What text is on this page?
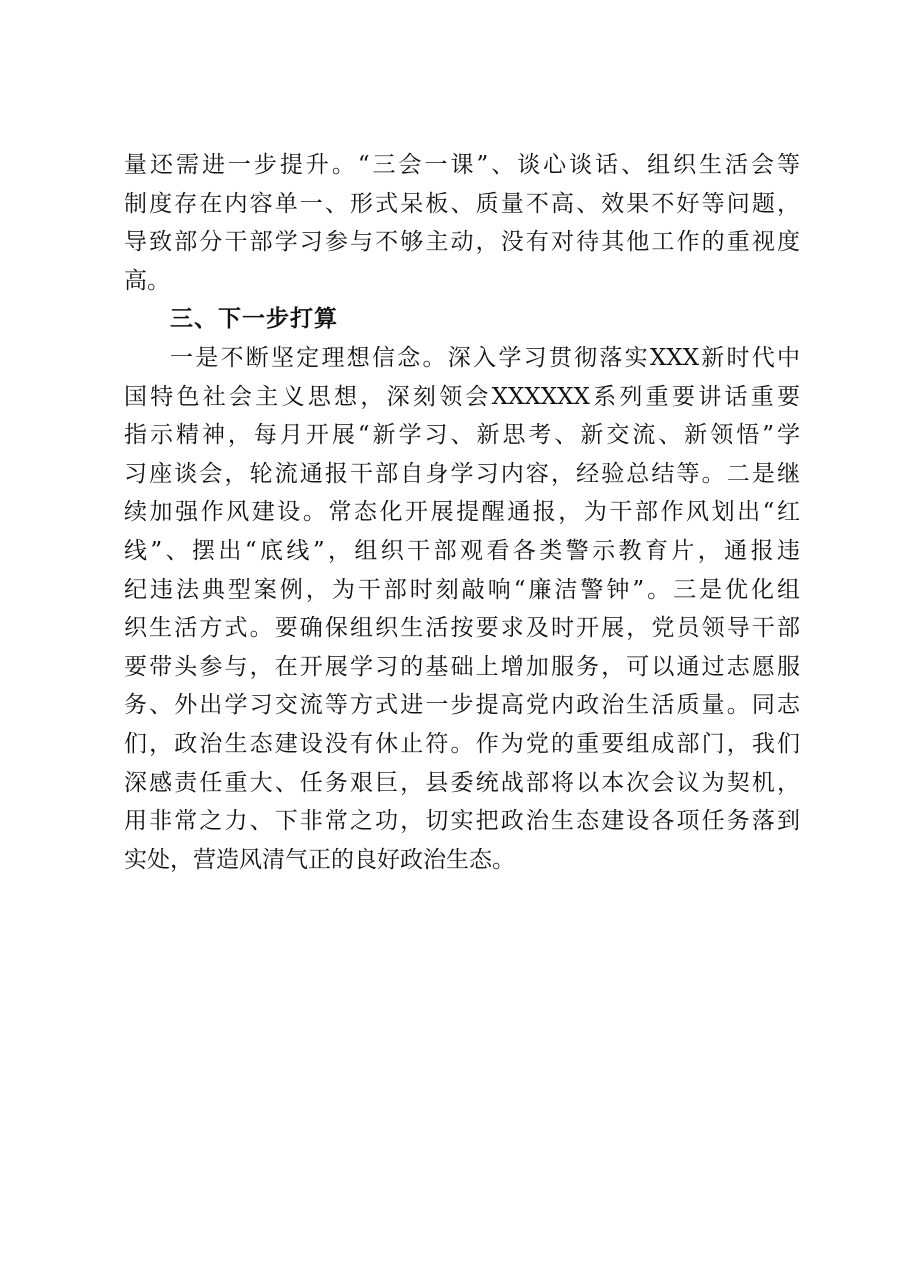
量还需进一步提升。“三会一课”、谈心谈话、组织生活会等
制度存在内容单一、形式呆板、质量不高、效果不好等问题，
导致部分干部学习参与不够主动，没有对待其他工作的重视度
高。
三、下一步打算
一是不断坚定理想信念。深入学习贯彻落实XXX新时代中
国特色社会主义思想，深刻领会XXXXXX系列重要讲话重要
指示精神，每月开展“新学习、新思考、新交流、新领悟”学
习座谈会，轮流通报干部自身学习内容，经验总结等。二是继
续加强作风建设。常态化开展提醒通报，为干部作风划出“红
线”、摆出“底线”，组织干部观看各类警示教育片，通报违
纪违法典型案例，为干部时刻敲响“廉洁警钟”。三是优化组
织生活方式。要确保组织生活按要求及时开展，党员领导干部
要带头参与，在开展学习的基础上增加服务，可以通过志愿服
务、外出学习交流等方式进一步提高党内政治生活质量。同志
们，政治生态建设没有休止符。作为党的重要组成部门，我们
深感责任重大、任务艰巨，县委统战部将以本次会议为契机，
用非常之力、下非常之功，切实把政治生态建设各项任务落到
实处，营造风清气正的良好政治生态。
